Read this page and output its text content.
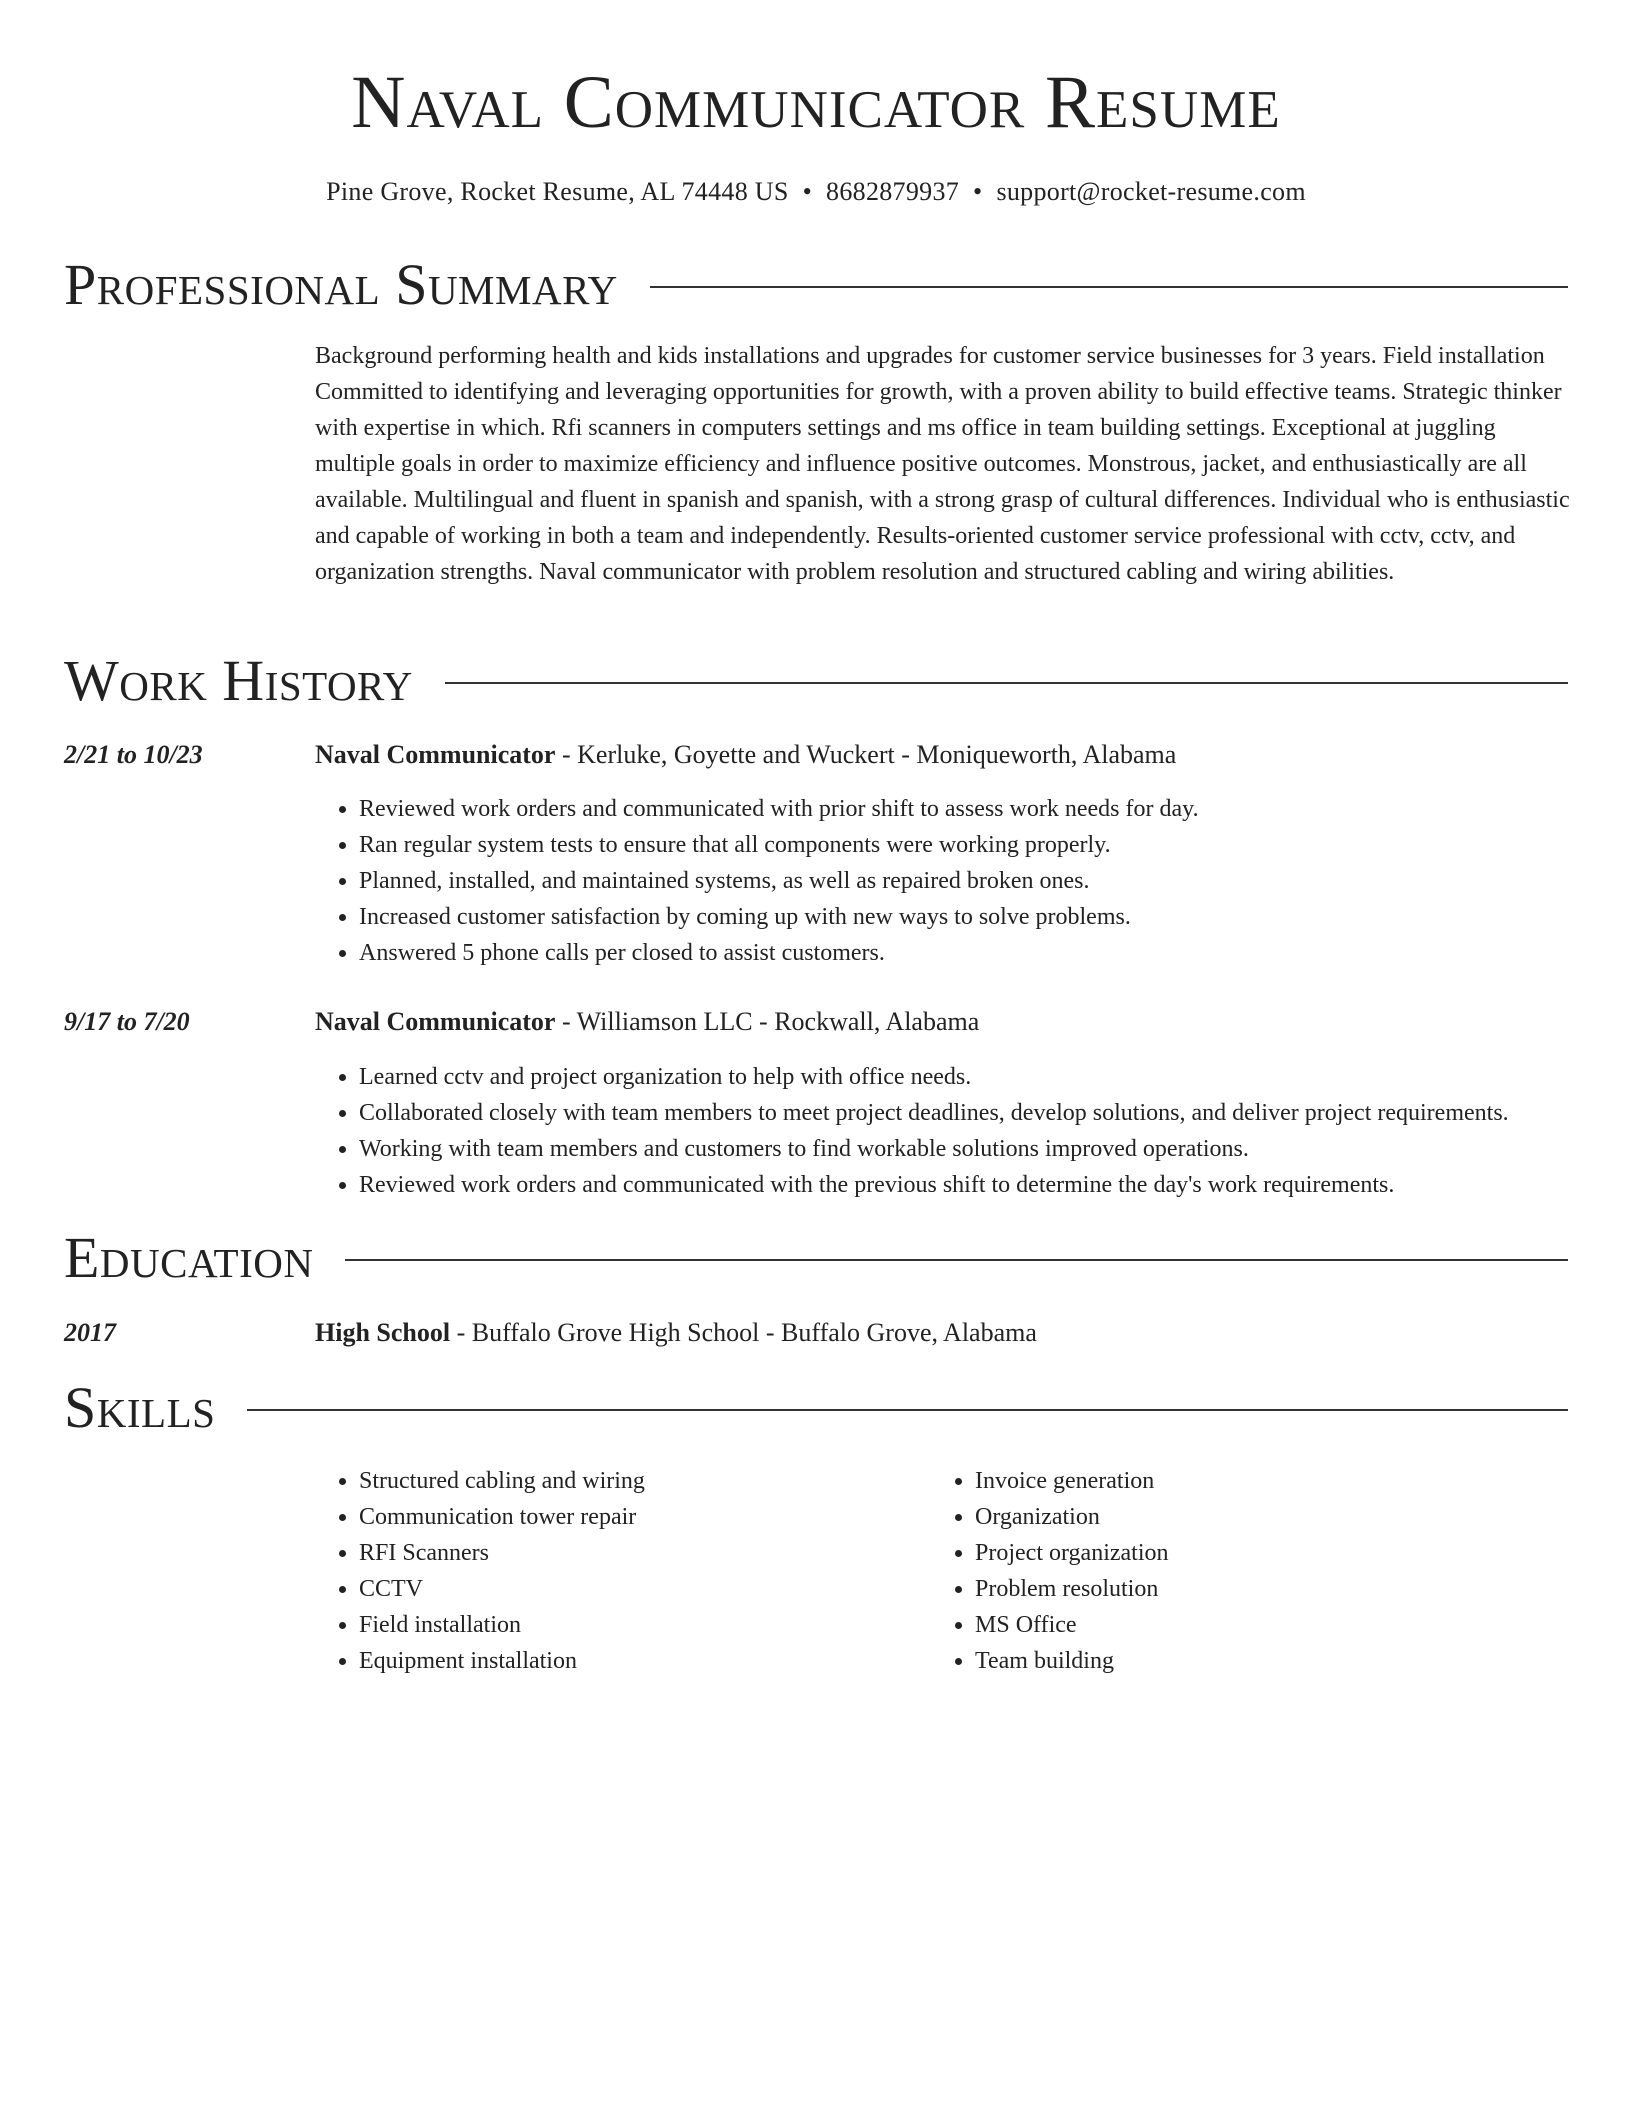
Naval Communicator Resume
Pine Grove, Rocket Resume, AL 74448 US • 8682879937 • support@rocket-resume.com
Professional Summary

Background performing health and kids installations and upgrades for customer service businesses for 3 years. Field installation Committed to identifying and leveraging opportunities for growth, with a proven ability to build effective teams. Strategic thinker with expertise in which. Rfi scanners in computers settings and ms office in team building settings. Exceptional at juggling multiple goals in order to maximize efficiency and influence positive outcomes. Monstrous, jacket, and enthusiastically are all available. Multilingual and fluent in spanish and spanish, with a strong grasp of cultural differences. Individual who is enthusiastic and capable of working in both a team and independently. Results-oriented customer service professional with cctv, cctv, and organization strengths. Naval communicator with problem resolution and structured cabling and wiring abilities.

Work History
2/21 to 10/23	Naval Communicator - Kerluke, Goyette and Wuckert - Moniqueworth, Alabama
• Reviewed work orders and communicated with prior shift to assess work needs for day.
• Ran regular system tests to ensure that all components were working properly.
• Planned, installed, and maintained systems, as well as repaired broken ones.
• Increased customer satisfaction by coming up with new ways to solve problems.
• Answered 5 phone calls per closed to assist customers.
9/17 to 7/20	Naval Communicator - Williamson LLC - Rockwall, Alabama
• Learned cctv and project organization to help with office needs.
• Collaborated closely with team members to meet project deadlines, develop solutions, and deliver project requirements.
• Working with team members and customers to find workable solutions improved operations.
• Reviewed work orders and communicated with the previous shift to determine the day's work requirements.
Education
2017	High School - Buffalo Grove High School - Buffalo Grove, Alabama
Skills
• Structured cabling and wiring
• Communication tower repair
• RFI Scanners
• CCTV
• Field installation
• Equipment installation
• Invoice generation
• Organization
• Project organization
• Problem resolution
• MS Office
• Team building
